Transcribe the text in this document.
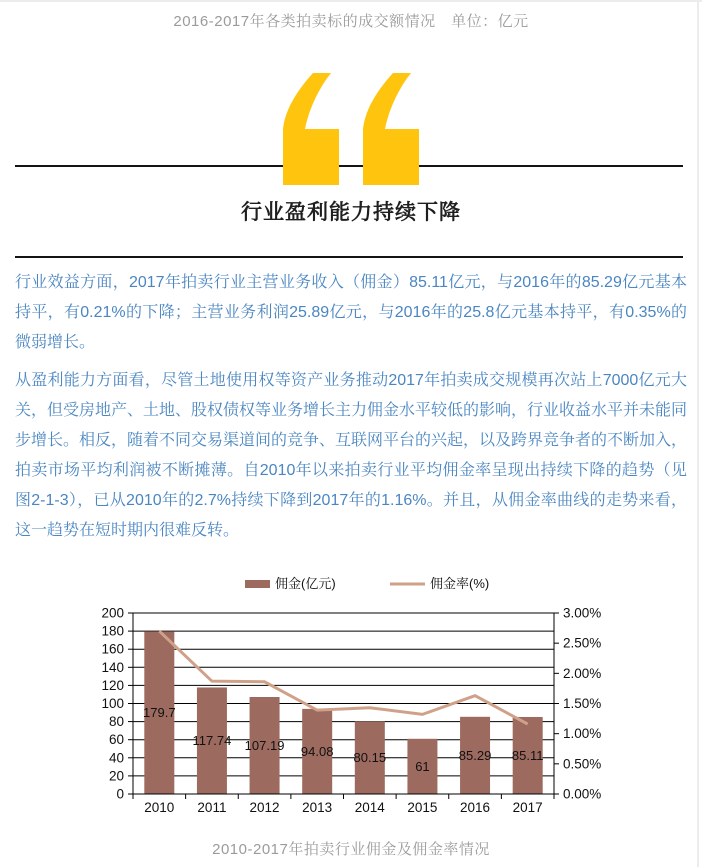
2016-2017年各类拍卖标的成交额情况　单位：亿元
行业盈利能力持续下降

行业效益方面，2017年拍卖行业主营业务收入（佣金）85.11亿元，与2016年的85.29亿元基本持平，有0.21%的下降；主营业务利润25.89亿元，与2016年的25.8亿元基本持平，有0.35%的微弱增长。

从盈利能力方面看，尽管土地使用权等资产业务推动2017年拍卖成交规模再次站上7000亿元大关，但受房地产、土地、股权债权等业务增长主力佣金水平较低的影响，行业收益水平并未能同步增长。相反，随着不同交易渠道间的竞争、互联网平台的兴起，以及跨界竞争者的不断加入，拍卖市场平均利润被不断摊薄。自2010年以来拍卖行业平均佣金率呈现出持续下降的趋势（见图2-1-3），已从2010年的2.7%持续下降到2017年的1.16%。并且，从佣金率曲线的走势来看，这一趋势在短时期内很难反转。

0
20
40
60
80
100
120
140
160
180
200
0.00%
0.50%
1.00%
1.50%
2.00%
2.50%
3.00%
2010 2011 2012 2013 2014 2015 2016 2017
179.7
117.74 107.19 94.08 80.15
61
85.29 85.11
佣金(亿元)	佣金率(%)
2010-2017年拍卖行业佣金及佣金率情况
